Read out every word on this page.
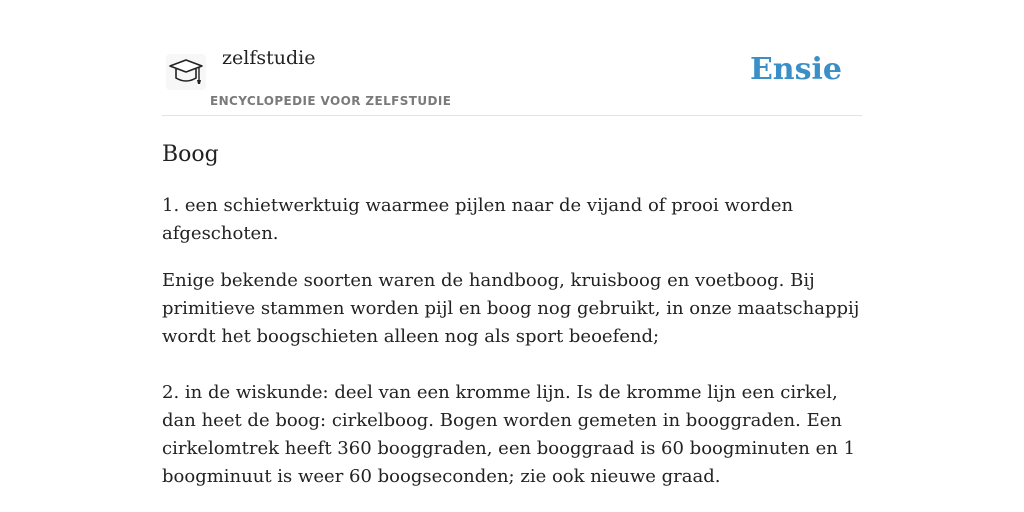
zelfstudie
ENCYCLOPEDIE VOOR ZELFSTUDIE
Ensie
Boog

1. een schietwerktuig waarmee pijlen naar de vijand of prooi worden afgeschoten.

Enige bekende soorten waren de handboog, kruisboog en voetboog. Bij primitieve stammen worden pijl en boog nog gebruikt, in onze maatschappij wordt het boogschieten alleen nog als sport beoefend;

2. in de wiskunde: deel van een kromme lijn. Is de kromme lijn een cirkel, dan heet de boog: cirkelboog. Bogen worden gemeten in booggraden. Een cirkelomtrek heeft 360 booggraden, een booggraad is 60 boogminuten en 1 boogminuut is weer 60 boogseconden; zie ook nieuwe graad.
